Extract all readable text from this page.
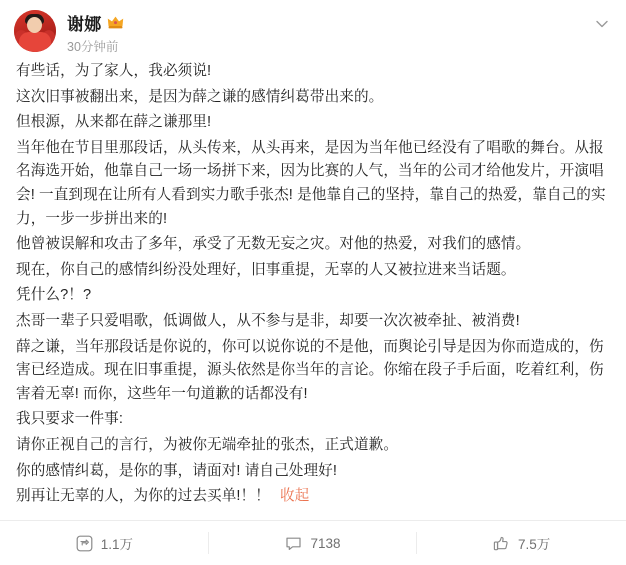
谢娜
30分钟前

有些话，为了家人，我必须说!

这次旧事被翻出来，是因为薛之谦的感情纠葛带出来的。

但根源，从来都在薛之谦那里!

当年他在节目里那段话，从头传来，从头再来，是因为当年他已经没有了唱歌的舞台。从报名海选开始，他靠自己一场一场拼下来，因为比赛的人气，当年的公司才给他发片，开演唱会! 一直到现在让所有人看到实力歌手张杰! 是他靠自己的坚持，靠自己的热爱，靠自己的实力，一步一步拼出来的!

他曾被误解和攻击了多年，承受了无数无妄之灾。对他的热爱，对我们的感情。

现在，你自己的感情纠纷没处理好，旧事重提，无辜的人又被拉进来当话题。

凭什么?！?

杰哥一辈子只爱唱歌，低调做人，从不参与是非，却要一次次被牵扯、被消费!

薛之谦，当年那段话是你说的，你可以说你说的不是他，而舆论引导是因为你而造成的，伤害已经造成。现在旧事重提，源头依然是你当年的言论。你缩在段子手后面，吃着红利，伤害着无辜! 而你，这些年一句道歉的话都没有!

我只要求一件事:

请你正视自己的言行，为被你无端牵扯的张杰，正式道歉。

你的感情纠葛，是你的事，请面对! 请自己处理好!

别再让无辜的人，为你的过去买单!！！ 收起

1.1万	7138	7.5万
